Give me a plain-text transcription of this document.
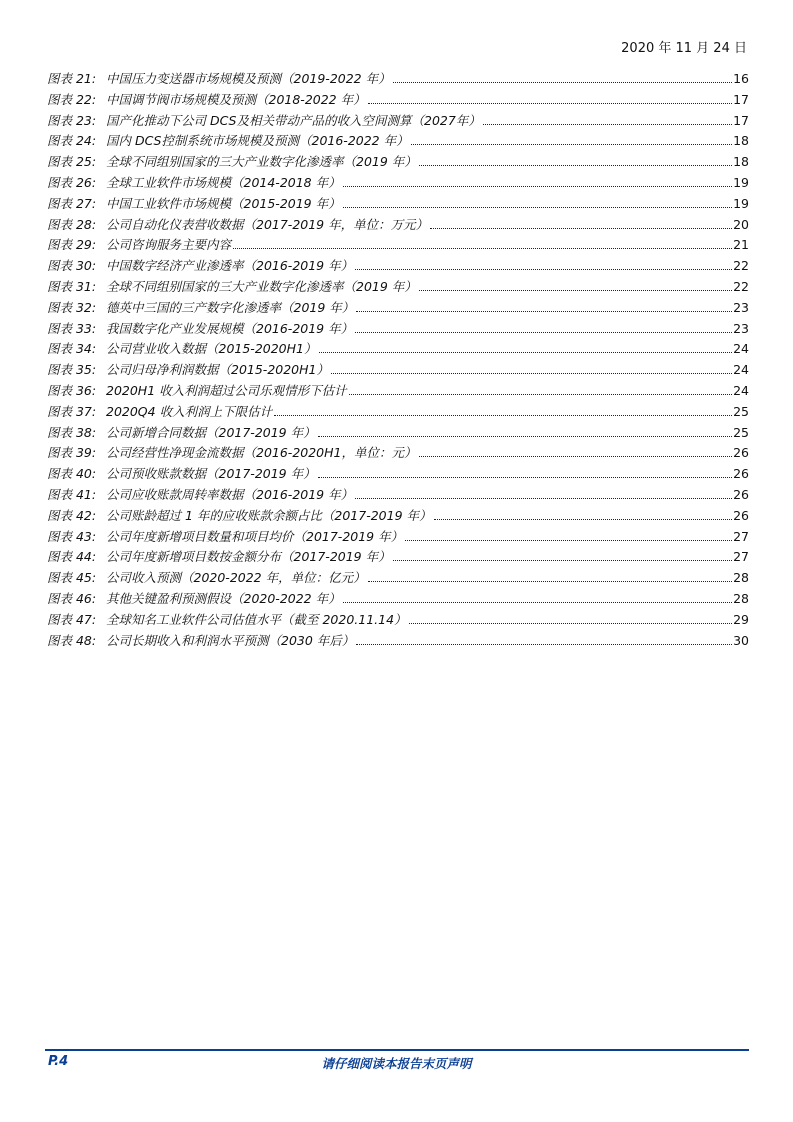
2020 年 11 月 24 日
图表 21: 中国压力变送器市场规模及预测（2019-2022 年）	16
图表 22: 中国调节阀市场规模及预测（2018-2022 年）	17
图表 23: 国产化推动下公司 DCS及相关带动产品的收入空间测算（2027年）	17
图表 24: 国内 DCS控制系统市场规模及预测（2016-2022 年）	18
图表 25: 全球不同组别国家的三大产业数字化渗透率（2019 年）	18
图表 26: 全球工业软件市场规模（2014-2018 年）	19
图表 27: 中国工业软件市场规模（2015-2019 年）	19
图表 28: 公司自动化仪表营收数据（2017-2019 年，单位：万元）	20
图表 29: 公司咨询服务主要内容	21
图表 30: 中国数字经济产业渗透率（2016-2019 年）	22
图表 31: 全球不同组别国家的三大产业数字化渗透率（2019 年）	22
图表 32: 德英中三国的三产数字化渗透率（2019 年）	23
图表 33: 我国数字化产业发展规模（2016-2019 年）	23
图表 34: 公司营业收入数据（2015-2020H1）	24
图表 35: 公司归母净利润数据（2015-2020H1）	24
图表 36: 2020H1 收入利润超过公司乐观情形下估计	24
图表 37: 2020Q4 收入利润上下限估计	25
图表 38: 公司新增合同数据（2017-2019 年）	25
图表 39: 公司经营性净现金流数据（2016-2020H1，单位：元）	26
图表 40: 公司预收账款数据（2017-2019 年）	26
图表 41: 公司应收账款周转率数据（2016-2019 年）	26
图表 42: 公司账龄超过 1 年的应收账款余额占比（2017-2019 年）	26
图表 43: 公司年度新增项目数量和项目均价（2017-2019 年）	27
图表 44: 公司年度新增项目数按金额分布（2017-2019 年）	27
图表 45: 公司收入预测（2020-2022 年，单位：亿元）	28
图表 46: 其他关键盈利预测假设（2020-2022 年）	28
图表 47: 全球知名工业软件公司估值水平（截至 2020.11.14）	29
图表 48: 公司长期收入和利润水平预测（2030 年后）	30
P.4	请仔细阅读本报告末页声明
